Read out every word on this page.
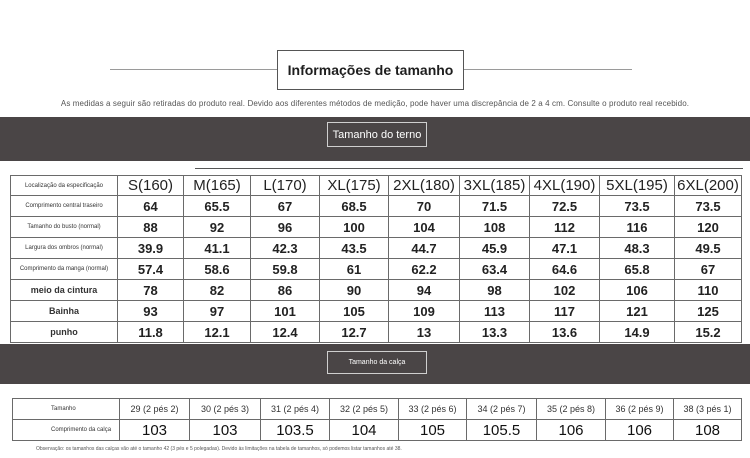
Informações de tamanho
As medidas a seguir são retiradas do produto real. Devido aos diferentes métodos de medição, pode haver uma discrepância de 2 a 4 cm. Consulte o produto real recebido.
Tamanho do terno
Localização da especificação	S(160)	M(165)	L(170)	XL(175)	2XL(180)	3XL(185)	4XL(190)	5XL(195)	6XL(200)
Comprimento central traseiro	64	65.5	67	68.5	70	71.5	72.5	73.5	73.5
Tamanho do busto (normal)	88	92	96	100	104	108	112	116	120
Largura dos ombros (normal)	39.9	41.1	42.3	43.5	44.7	45.9	47.1	48.3	49.5
Comprimento da manga (normal)	57.4	58.6	59.8	61	62.2	63.4	64.6	65.8	67
meio da cintura	78	82	86	90	94	98	102	106	110
Bainha	93	97	101	105	109	113	117	121	125
punho	11.8	12.1	12.4	12.7	13	13.3	13.6	14.9	15.2
Tamanho da calça
Tamanho	29 (2 pés 2)	30 (2 pés 3)	31 (2 pés 4)	32 (2 pés 5)	33 (2 pés 6)	34 (2 pés 7)	35 (2 pés 8)	36 (2 pés 9)	38 (3 pés 1)
Comprimento da calça	103	103	103.5	104	105	105.5	106	106	108
Observação: os tamanhos das calças vão até o tamanho 42 (3 pés e 5 polegadas). Devido às limitações na tabela de tamanhos, só podemos listar tamanhos até 38.
